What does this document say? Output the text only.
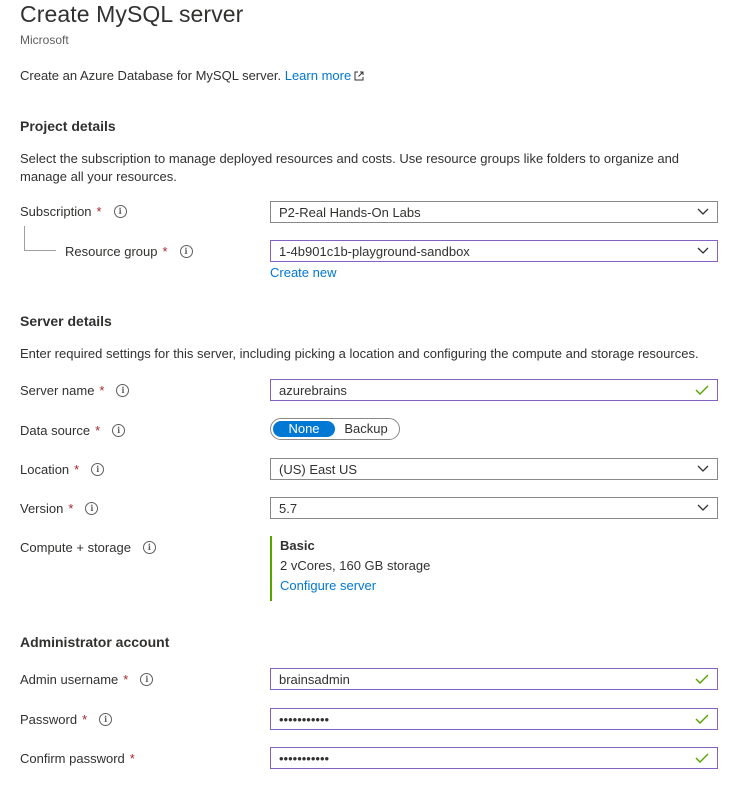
Create MySQL server
Microsoft
Create an Azure Database for MySQL server. Learn more
Project details
Select the subscription to manage deployed resources and costs. Use resource groups like folders to organize and manage all your resources.
Subscription *	i	P2-Real Hands-On Labs
Resource group *	i	1-4b901c1b-playground-sandbox
Create new
Server details
Enter required settings for this server, including picking a location and configuring the compute and storage resources.
Server name *	i	azurebrains
Data source *	i	None	Backup
Location *	i	(US) East US
Version *	i	5.7
Compute + storage	i	Basic
2 vCores, 160 GB storage
Configure server
Administrator account
Admin username *	i	brainsadmin
Password *	i	•••••••••••
Confirm password *	•••••••••••
